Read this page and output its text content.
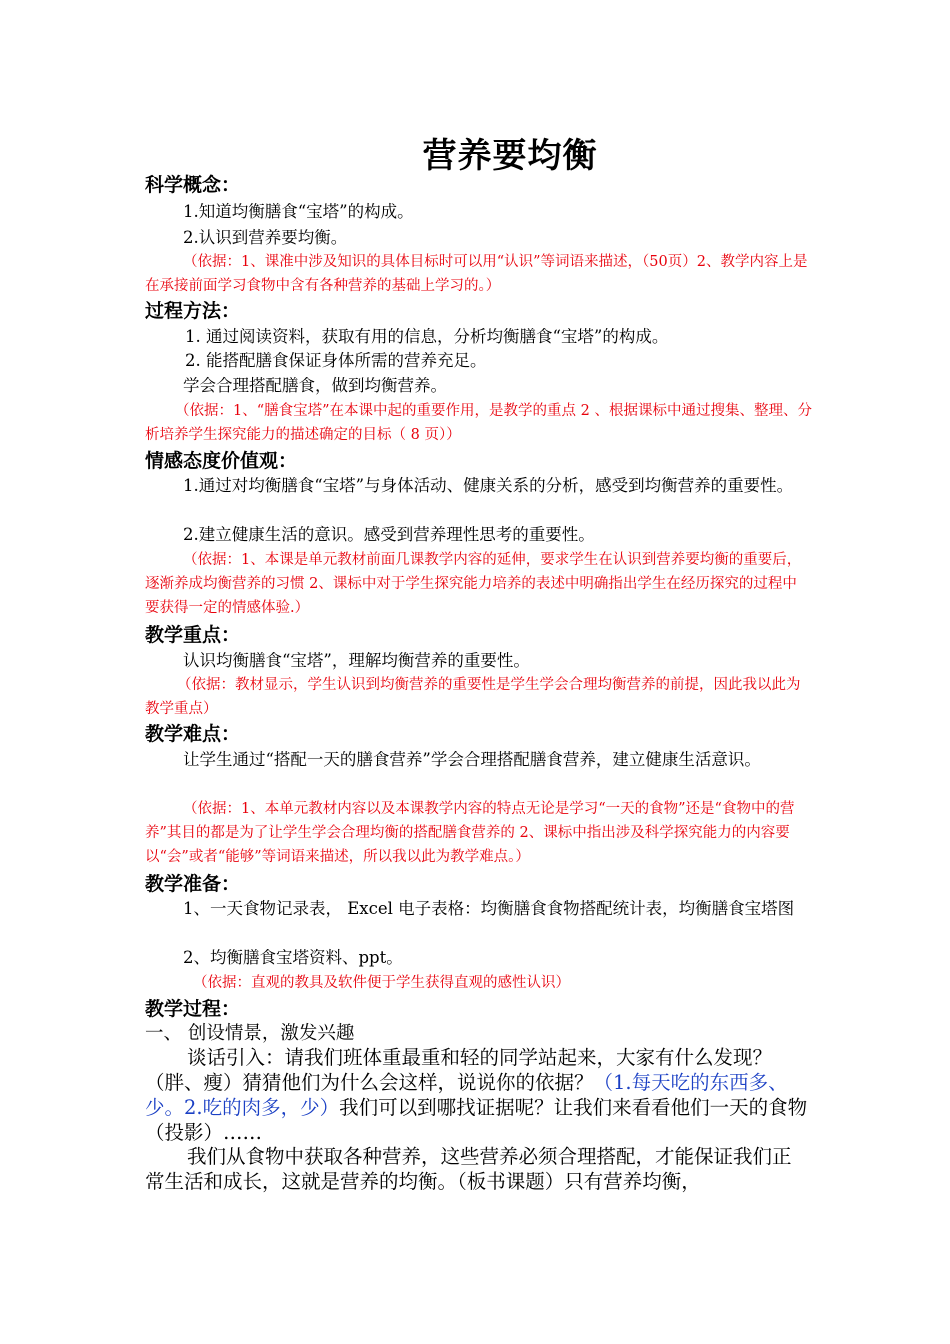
营养要均衡
科学概念：
1.知道均衡膳食“宝塔”的构成。
2.认识到营养要均衡。
（依据：1、课准中涉及知识的具体目标时可以用“认识”等词语来描述，（50页）2、教学内容上是在承接前面学习食物中含有各种营养的基础上学习的。）
过程方法：
1. 通过阅读资料，获取有用的信息，分析均衡膳食“宝塔”的构成。
2. 能搭配膳食保证身体所需的营养充足。
学会合理搭配膳食，做到均衡营养。
（依据：1、“膳食宝塔”在本课中起的重要作用，是教学的重点 2 、根据课标中通过搜集、整理、分析培养学生探究能力的描述确定的目标（ 8 页））
情感态度价值观：
1.通过对均衡膳食“宝塔”与身体活动、健康关系的分析，感受到均衡营养的重要性。
2.建立健康生活的意识。感受到营养理性思考的重要性。
（依据：1、本课是单元教材前面几课教学内容的延伸，要求学生在认识到营养要均衡的重要后，逐渐养成均衡营养的习惯 2、课标中对于学生探究能力培养的表述中明确指出学生在经历探究的过程中要获得一定的情感体验.）
教学重点：
认识均衡膳食“宝塔”，理解均衡营养的重要性。
（依据：教材显示，学生认识到均衡营养的重要性是学生学会合理均衡营养的前提，因此我以此为教学重点）
教学难点：
让学生通过“搭配一天的膳食营养”学会合理搭配膳食营养，建立健康生活意识。
（依据：1、本单元教材内容以及本课教学内容的特点无论是学习“一天的食物”还是“食物中的营养”其目的都是为了让学生学会合理均衡的搭配膳食营养的 2、课标中指出涉及科学探究能力的内容要以“会”或者“能够”等词语来描述，所以我以此为教学难点。）
教学准备：
1、一天食物记录表， Excel 电子表格：均衡膳食食物搭配统计表，均衡膳食宝塔图
2、均衡膳食宝塔资料、ppt。
（依据：直观的教具及软件便于学生获得直观的感性认识）
教学过程：
一、 创设情景，激发兴趣
谈话引入：请我们班体重最重和轻的同学站起来，大家有什么发现？（胖、瘦）猜猜他们为什么会这样，说说你的依据？（1.每天吃的东西多、少。2.吃的肉多，少）我们可以到哪找证据呢？让我们来看看他们一天的食物（投影）……
我们从食物中获取各种营养，这些营养必须合理搭配，才能保证我们正常生活和成长，这就是营养的均衡。（板书课题）只有营养均衡，
